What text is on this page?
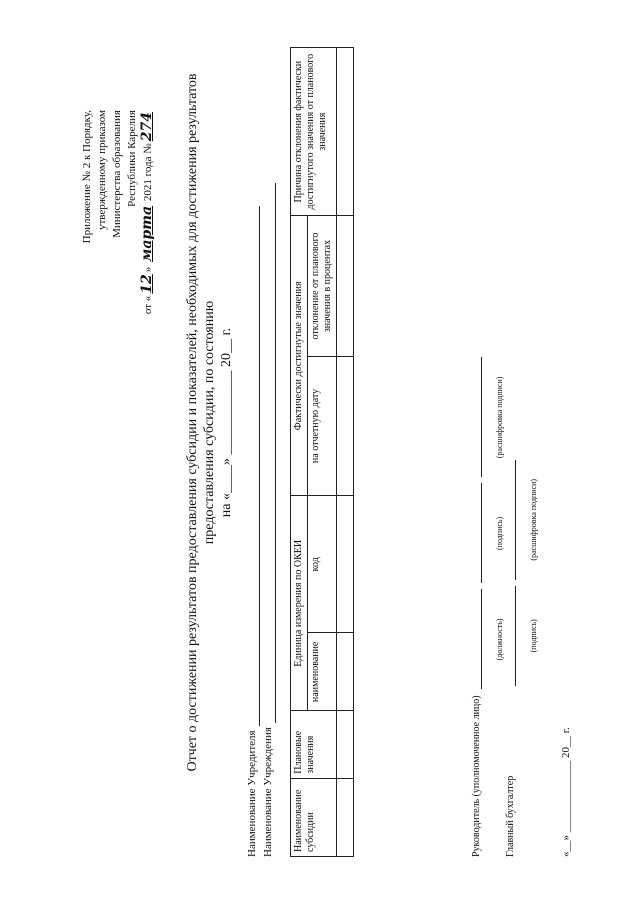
Приложение № 2 к Порядку, утвержденному приказом Министерства образования Республики Карелия
от «12» марта 2021 года №274 Отчет о достижении результатов предоставления субсидии и показателей, необходимых для достижения результатов предоставления субсидии, по состоянию на «____» ____________ 20__ г.
Наименование Учредителя Наименование Учреждения Наименование субсидии	Плановые значения	Единица измерения по ОКЕИ		Фактически достигнутые значения		Причина отклонения фактически достигнутого значения от планового значения
		наименование	код	на отчетную дату	отклонение от планового значения в процентах	

Руководитель (уполномоченное лицо)
(должность)
(подпись)
(расшифровка подписи)
Главный бухгалтер
(подпись)
(расшифровка подписи)
«__» _____________ 20__ г.
